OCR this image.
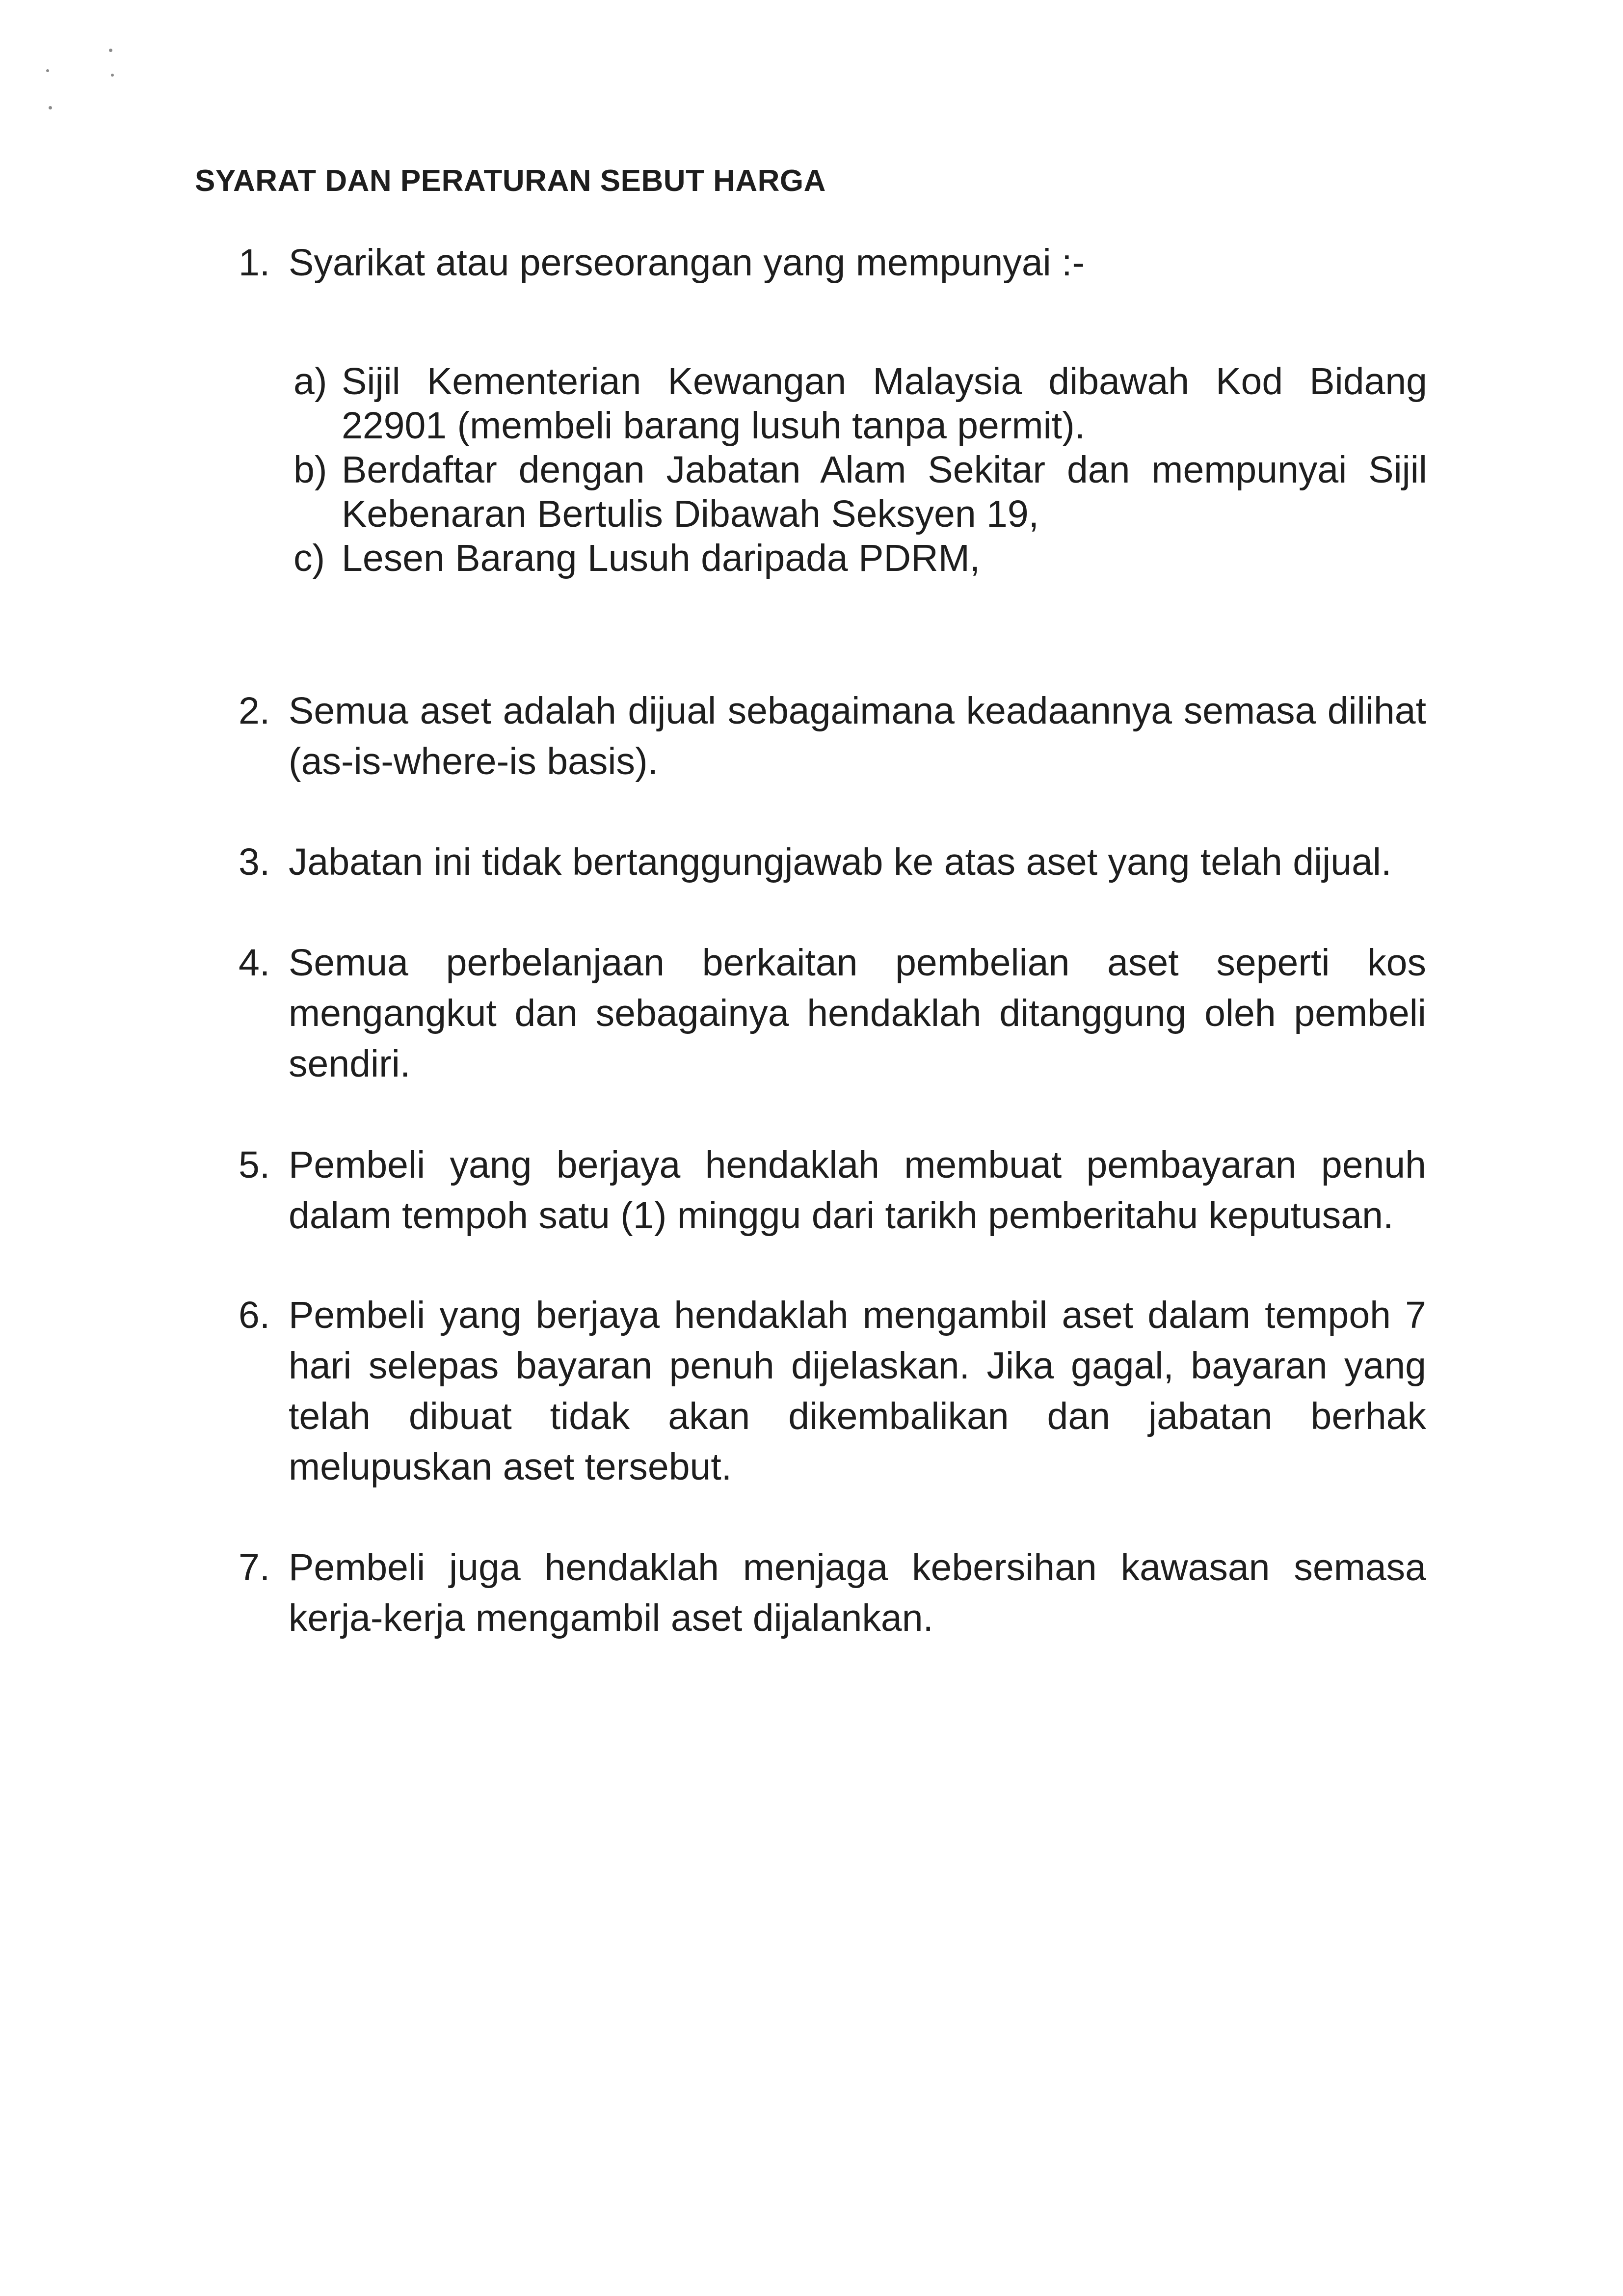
SYARAT DAN PERATURAN SEBUT HARGA
1. Syarikat atau perseorangan yang mempunyai :-
a) Sijil Kementerian Kewangan Malaysia dibawah Kod Bidang
22901 (membeli barang lusuh tanpa permit).
b) Berdaftar dengan Jabatan Alam Sekitar dan mempunyai Sijil
Kebenaran Bertulis Dibawah Seksyen 19,
c) Lesen Barang Lusuh daripada PDRM,
2. Semua aset adalah dijual sebagaimana keadaannya semasa dilihat
(as-is-where-is basis).
3. Jabatan ini tidak bertanggungjawab ke atas aset yang telah dijual.
4. Semua perbelanjaan berkaitan pembelian aset seperti kos
mengangkut dan sebagainya hendaklah ditanggung oleh pembeli
sendiri.
5. Pembeli yang berjaya hendaklah membuat pembayaran penuh
dalam tempoh satu (1) minggu dari tarikh pemberitahu keputusan.
6. Pembeli yang berjaya hendaklah mengambil aset dalam tempoh 7
hari selepas bayaran penuh dijelaskan. Jika gagal, bayaran yang
telah dibuat tidak akan dikembalikan dan jabatan berhak
melupuskan aset tersebut.
7. Pembeli juga hendaklah menjaga kebersihan kawasan semasa
kerja-kerja mengambil aset dijalankan.
